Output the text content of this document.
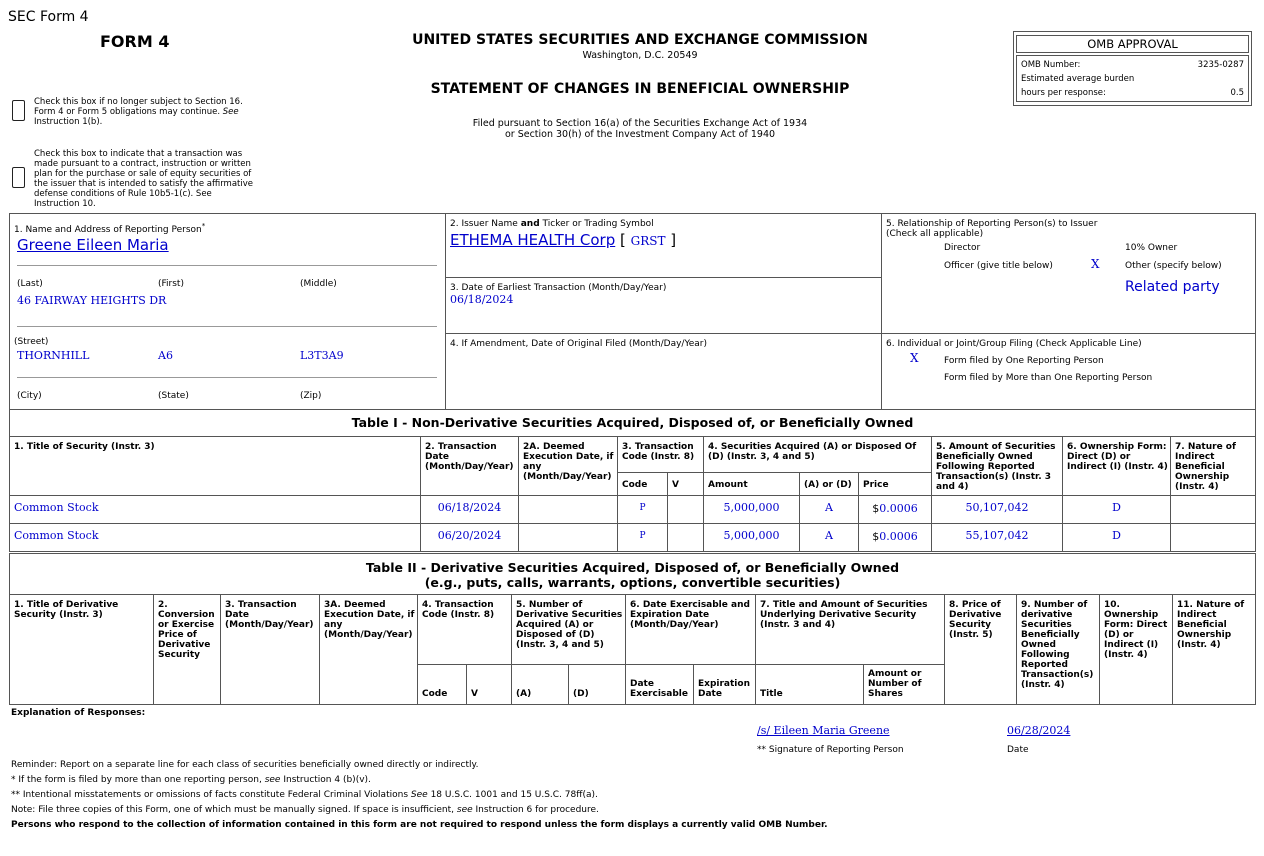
SEC Form 4
FORM 4	UNITED STATES SECURITIES AND EXCHANGE COMMISSION
Washington, D.C. 20549
STATEMENT OF CHANGES IN BENEFICIAL OWNERSHIP
Filed pursuant to Section 16(a) of the Securities Exchange Act of 1934
or Section 30(h) of the Investment Company Act of 1940
OMB APPROVAL
OMB Number:	3235-0287
Estimated average burden
hours per response:	0.5
Check this box if no longer subject to Section 16.
Form 4 or Form 5 obligations may continue. See
Instruction 1(b).
Check this box to indicate that a transaction was
made pursuant to a contract, instruction or written
plan for the purchase or sale of equity securities of
the issuer that is intended to satisfy the affirmative
defense conditions of Rule 10b5-1(c). See
Instruction 10.
1. Name and Address of Reporting Person*
Greene Eileen Maria
(Last)	(First)	(Middle)
46 FAIRWAY HEIGHTS DR
(Street)
THORNHILL	A6	L3T3A9
(City)	(State)	(Zip)
2. Issuer Name and Ticker or Trading Symbol
ETHEMA HEALTH Corp [ GRST ]
3. Date of Earliest Transaction (Month/Day/Year)
06/18/2024
4. If Amendment, Date of Original Filed (Month/Day/Year)
5. Relationship of Reporting Person(s) to Issuer
(Check all applicable)
Director	10% Owner
Officer (give title below)	X	Other (specify below)
Related party
6. Individual or Joint/Group Filing (Check Applicable Line)
X	Form filed by One Reporting Person
Form filed by More than One Reporting Person
Table I - Non-Derivative Securities Acquired, Disposed of, or Beneficially Owned
1. Title of Security (Instr. 3)	2. Transaction Date (Month/Day/Year)
2A. Deemed Execution Date, if any (Month/Day/Year)
3. Transaction Code (Instr. 8)
4. Securities Acquired (A) or Disposed Of (D) (Instr. 3, 4 and 5)
5. Amount of Securities Beneficially Owned Following Reported Transaction(s) (Instr. 3 and 4)
6. Ownership Form: Direct (D) or Indirect (I) (Instr. 4)
7. Nature of Indirect Beneficial Ownership (Instr. 4)
Code	V	Amount	(A) or (D) Price
Common Stock	06/18/2024	P	5,000,000	A	$0.0006	50,107,042	D
Common Stock	06/20/2024	P	5,000,000	A	$0.0006	55,107,042	D
Table II - Derivative Securities Acquired, Disposed of, or Beneficially Owned
(e.g., puts, calls, warrants, options, convertible securities)
1. Title of Derivative Security (Instr. 3)
2. Conversion or Exercise Price of Derivative Security
3. Transaction Date (Month/Day/Year)
3A. Deemed Execution Date, if any (Month/Day/Year)
4. Transaction Code (Instr. 8)
5. Number of Derivative Securities Acquired (A) or Disposed of (D) (Instr. 3, 4 and 5)
6. Date Exercisable and Expiration Date (Month/Day/Year)
7. Title and Amount of Securities Underlying Derivative Security (Instr. 3 and 4)
8. Price of Derivative Security (Instr. 5)
9. Number of derivative Securities Beneficially Owned Following Reported Transaction(s) (Instr. 4)
10. Ownership Form: Direct (D) or Indirect (I) (Instr. 4)
11. Nature of Indirect Beneficial Ownership (Instr. 4)
Code	V	(A)	(D)
Date Exercisable
Expiration Date	Title
Amount or Number of Shares
Explanation of Responses:
/s/ Eileen Maria Greene	06/28/2024
** Signature of Reporting Person	Date
Reminder: Report on a separate line for each class of securities beneficially owned directly or indirectly.
* If the form is filed by more than one reporting person, see Instruction 4 (b)(v).
** Intentional misstatements or omissions of facts constitute Federal Criminal Violations See 18 U.S.C. 1001 and 15 U.S.C. 78ff(a).
Note: File three copies of this Form, one of which must be manually signed. If space is insufficient, see Instruction 6 for procedure.
Persons who respond to the collection of information contained in this form are not required to respond unless the form displays a currently valid OMB Number.
